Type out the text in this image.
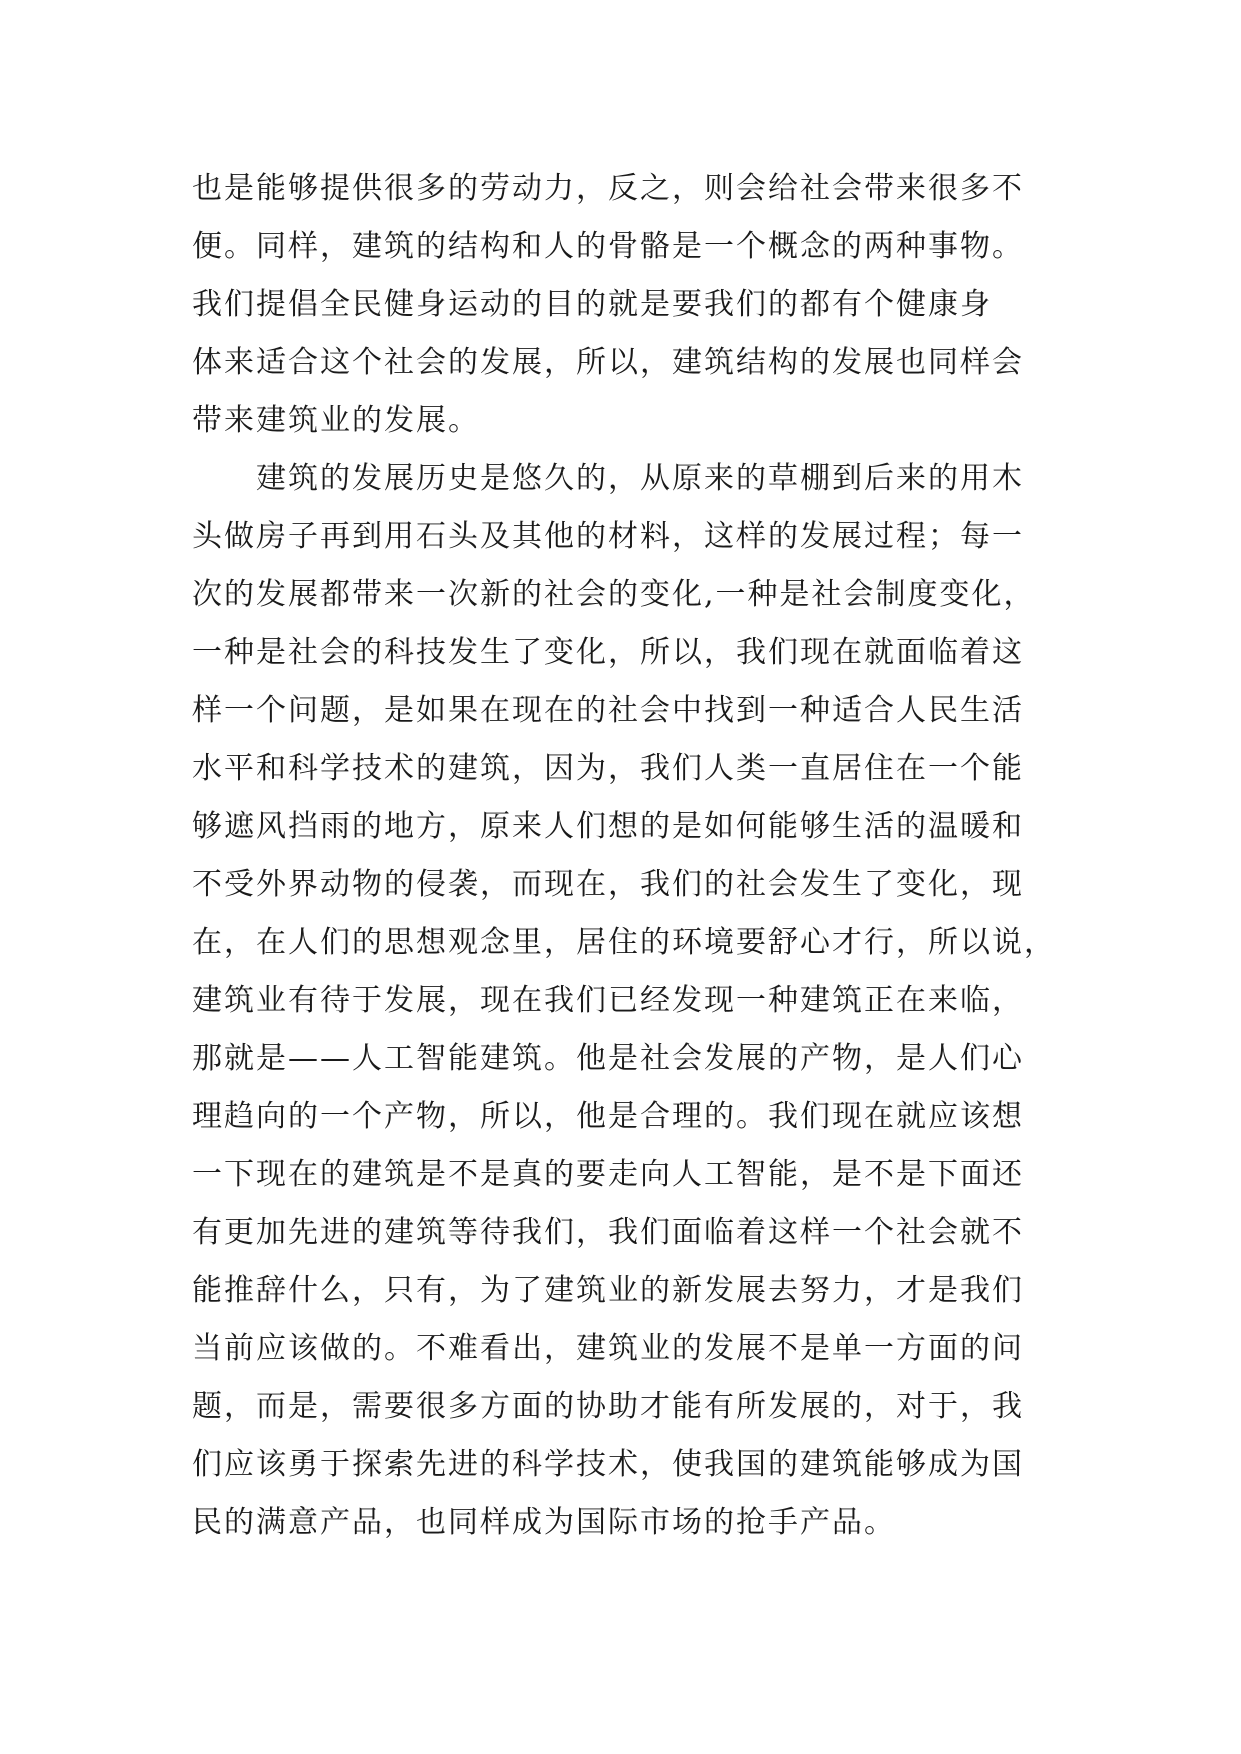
也是能够提供很多的劳动力，反之，则会给社会带来很多不
便。同样，建筑的结构和人的骨骼是一个概念的两种事物。
我们提倡全民健身运动的目的就是要我们的都有个健康身
体来适合这个社会的发展，所以，建筑结构的发展也同样会
带来建筑业的发展。
　　建筑的发展历史是悠久的，从原来的草棚到后来的用木
头做房子再到用石头及其他的材料，这样的发展过程；每一
次的发展都带来一次新的社会的变化,一种是社会制度变化，
一种是社会的科技发生了变化，所以，我们现在就面临着这
样一个问题，是如果在现在的社会中找到一种适合人民生活
水平和科学技术的建筑，因为，我们人类一直居住在一个能
够遮风挡雨的地方，原来人们想的是如何能够生活的温暖和
不受外界动物的侵袭，而现在，我们的社会发生了变化，现
在，在人们的思想观念里，居住的环境要舒心才行，所以说，
建筑业有待于发展，现在我们已经发现一种建筑正在来临，
那就是——人工智能建筑。他是社会发展的产物，是人们心
理趋向的一个产物，所以，他是合理的。我们现在就应该想
一下现在的建筑是不是真的要走向人工智能，是不是下面还
有更加先进的建筑等待我们，我们面临着这样一个社会就不
能推辞什么，只有，为了建筑业的新发展去努力，才是我们
当前应该做的。不难看出，建筑业的发展不是单一方面的问
题，而是，需要很多方面的协助才能有所发展的，对于，我
们应该勇于探索先进的科学技术，使我国的建筑能够成为国
民的满意产品，也同样成为国际市场的抢手产品。
